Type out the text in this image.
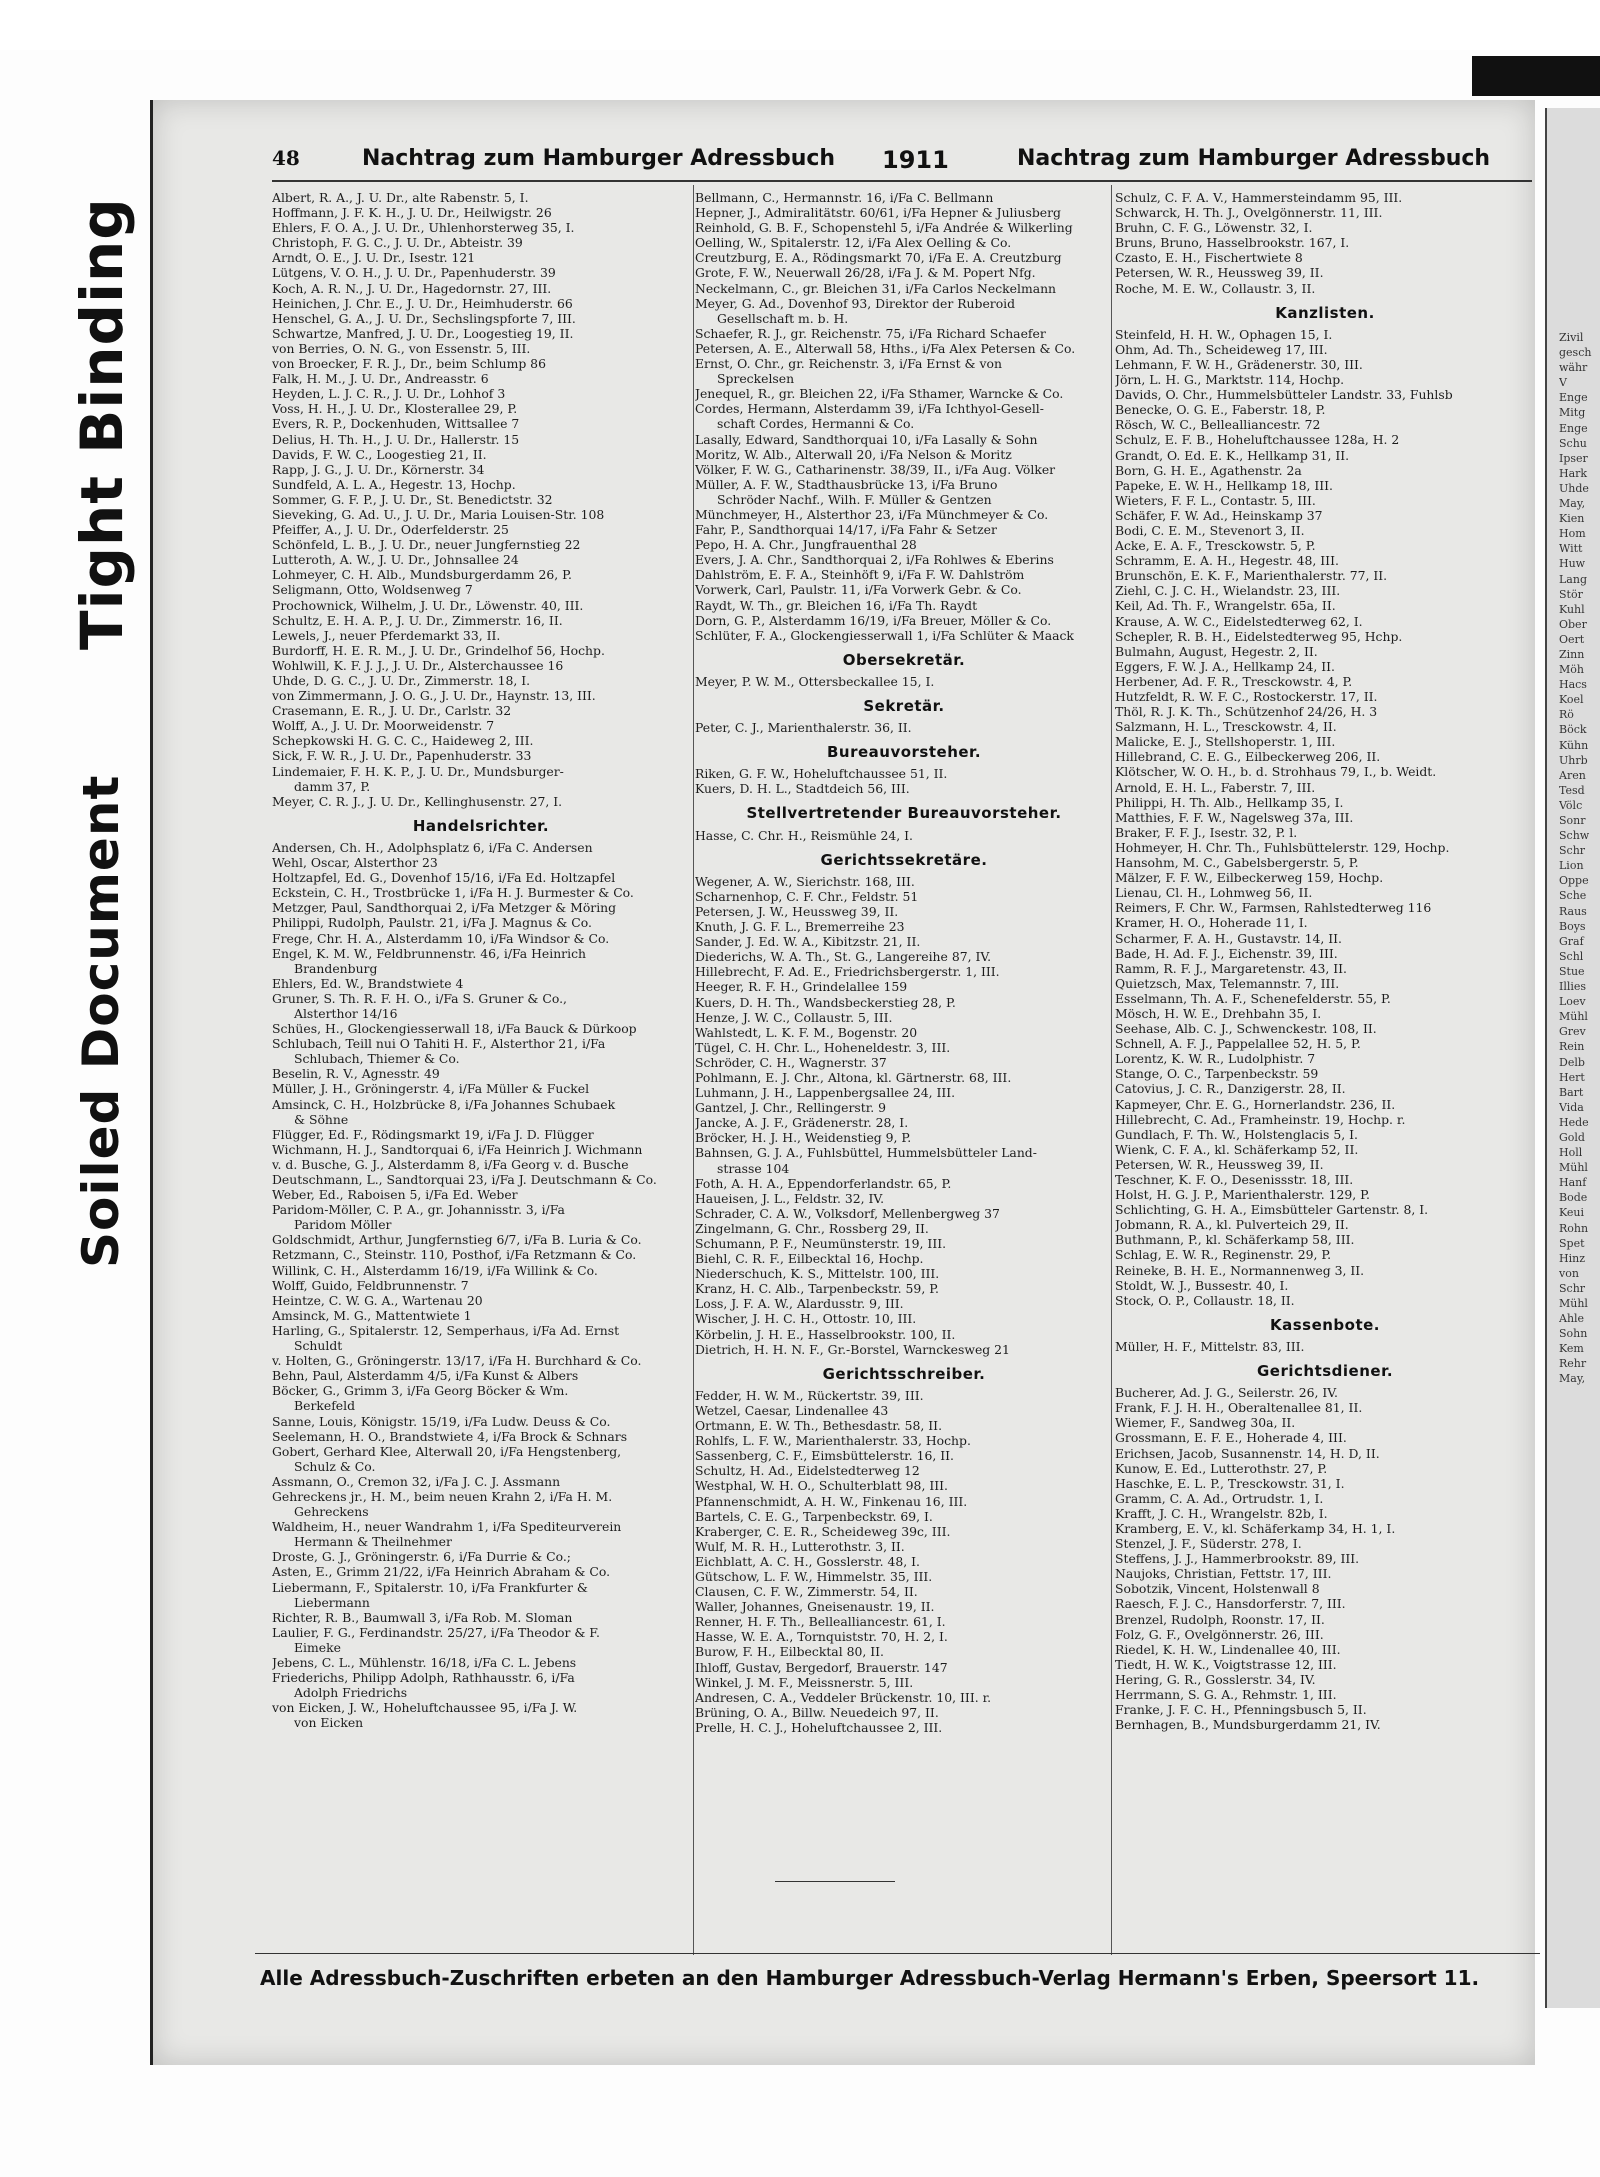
Tight Binding
Soiled Document
Zivil
gesch
währ
V
Enge
Mitg
Enge
Schu
Ipser
Hark
Uhde
May,
Kien
Hom
Witt
Huw
Lang
Stör
Kuhl
Ober
Oert
Zinn
Möh
Hacs
Koel
Rö
Böck
Kühn
Uhrb
Aren
Tesd
Völc
Sonr
Schw
Schr
Lion
Oppe
Sche
Raus
Boys
Graf
Schl
Stue
Illies
Loev
Mühl
Grev
Rein
Delb
Hert
Bart
Vida
Hede
Gold
Holl
Mühl
Hanf
Bode
Keui
Rohn
Spet
Hinz
von
Schr
Mühl
Ahle
Sohn
Kem
Rehr
May,
48	Nachtrag zum Hamburger Adressbuch 1911	Nachtrag zum Hamburger Adressbuch
Albert, R. A., J. U. Dr., alte Rabenstr. 5, I.
Hoffmann, J. F. K. H., J. U. Dr., Heilwigstr. 26
Ehlers, F. O. A., J. U. Dr., Uhlenhorsterweg 35, I.
Christoph, F. G. C., J. U. Dr., Abteistr. 39
Arndt, O. E., J. U. Dr., Isestr. 121
Lütgens, V. O. H., J. U. Dr., Papenhuderstr. 39
Koch, A. R. N., J. U. Dr., Hagedornstr. 27, III.
Heinichen, J. Chr. E., J. U. Dr., Heimhuderstr. 66
Henschel, G. A., J. U. Dr., Sechslingspforte 7, III.
Schwartze, Manfred, J. U. Dr., Loogestieg 19, II.
von Berries, O. N. G., von Essenstr. 5, III.
von Broecker, F. R. J., Dr., beim Schlump 86
Falk, H. M., J. U. Dr., Andreasstr. 6
Heyden, L. J. C. R., J. U. Dr., Lohhof 3
Voss, H. H., J. U. Dr., Klosterallee 29, P.
Evers, R. P., Dockenhuden, Wittsallee 7
Delius, H. Th. H., J. U. Dr., Hallerstr. 15
Davids, F. W. C., Loogestieg 21, II.
Rapp, J. G., J. U. Dr., Körnerstr. 34
Sundfeld, A. L. A., Hegestr. 13, Hochp.
Sommer, G. F. P., J. U. Dr., St. Benedictstr. 32
Sieveking, G. Ad. U., J. U. Dr., Maria Louisen-Str. 108
Pfeiffer, A., J. U. Dr., Oderfelderstr. 25
Schönfeld, L. B., J. U. Dr., neuer Jungfernstieg 22
Lutteroth, A. W., J. U. Dr., Johnsallee 24
Lohmeyer, C. H. Alb., Mundsburgerdamm 26, P.
Seligmann, Otto, Woldsenweg 7
Prochownick, Wilhelm, J. U. Dr., Löwenstr. 40, III.
Schultz, E. H. A. P., J. U. Dr., Zimmerstr. 16, II.
Lewels, J., neuer Pferdemarkt 33, II.
Burdorff, H. E. R. M., J. U. Dr., Grindelhof 56, Hochp.
Wohlwill, K. F. J. J., J. U. Dr., Alsterchaussee 16
Uhde, D. G. C., J. U. Dr., Zimmerstr. 18, I.
von Zimmermann, J. O. G., J. U. Dr., Haynstr. 13, III.
Crasemann, E. R., J. U. Dr., Carlstr. 32
Wolff, A., J. U. Dr. Moorweidenstr. 7
Schepkowski H. G. C. C., Haideweg 2, III.
Sick, F. W. R., J. U. Dr., Papenhuderstr. 33
Lindemaier, F. H. K. P., J. U. Dr., Mundsburger-
damm 37, P.
Meyer, C. R. J., J. U. Dr., Kellinghusenstr. 27, I.
Handelsrichter.
Andersen, Ch. H., Adolphsplatz 6, i/Fa C. Andersen
Wehl, Oscar, Alsterthor 23
Holtzapfel, Ed. G., Dovenhof 15/16, i/Fa Ed. Holtzapfel
Eckstein, C. H., Trostbrücke 1, i/Fa H. J. Burmester & Co.
Metzger, Paul, Sandthorquai 2, i/Fa Metzger & Möring
Philippi, Rudolph, Paulstr. 21, i/Fa J. Magnus & Co.
Frege, Chr. H. A., Alsterdamm 10, i/Fa Windsor & Co.
Engel, K. M. W., Feldbrunnenstr. 46, i/Fa Heinrich
Brandenburg
Ehlers, Ed. W., Brandstwiete 4
Gruner, S. Th. R. F. H. O., i/Fa S. Gruner & Co.,
Alsterthor 14/16
Schües, H., Glockengiesserwall 18, i/Fa Bauck & Dürkoop
Schlubach, Teill nui O Tahiti H. F., Alsterthor 21, i/Fa
Schlubach, Thiemer & Co.
Beselin, R. V., Agnesstr. 49
Müller, J. H., Gröningerstr. 4, i/Fa Müller & Fuckel
Amsinck, C. H., Holzbrücke 8, i/Fa Johannes Schubaek
& Söhne
Flügger, Ed. F., Rödingsmarkt 19, i/Fa J. D. Flügger
Wichmann, H. J., Sandtorquai 6, i/Fa Heinrich J. Wichmann
v. d. Busche, G. J., Alsterdamm 8, i/Fa Georg v. d. Busche
Deutschmann, L., Sandtorquai 23, i/Fa J. Deutschmann & Co.
Weber, Ed., Raboisen 5, i/Fa Ed. Weber
Paridom-Möller, C. P. A., gr. Johannisstr. 3, i/Fa
Paridom Möller
Goldschmidt, Arthur, Jungfernstieg 6/7, i/Fa B. Luria & Co.
Retzmann, C., Steinstr. 110, Posthof, i/Fa Retzmann & Co.
Willink, C. H., Alsterdamm 16/19, i/Fa Willink & Co.
Wolff, Guido, Feldbrunnenstr. 7
Heintze, C. W. G. A., Wartenau 20
Amsinck, M. G., Mattentwiete 1
Harling, G., Spitalerstr. 12, Semperhaus, i/Fa Ad. Ernst
Schuldt
v. Holten, G., Gröningerstr. 13/17, i/Fa H. Burchhard & Co.
Behn, Paul, Alsterdamm 4/5, i/Fa Kunst & Albers
Böcker, G., Grimm 3, i/Fa Georg Böcker & Wm.
Berkefeld
Sanne, Louis, Königstr. 15/19, i/Fa Ludw. Deuss & Co.
Seelemann, H. O., Brandstwiete 4, i/Fa Brock & Schnars
Gobert, Gerhard Klee, Alterwall 20, i/Fa Hengstenberg,
Schulz & Co.
Assmann, O., Cremon 32, i/Fa J. C. J. Assmann
Gehreckens jr., H. M., beim neuen Krahn 2, i/Fa H. M.
Gehreckens
Waldheim, H., neuer Wandrahm 1, i/Fa Spediteurverein
Hermann & Theilnehmer
Droste, G. J., Gröningerstr. 6, i/Fa Durrie & Co.;
Asten, E., Grimm 21/22, i/Fa Heinrich Abraham & Co.
Liebermann, F., Spitalerstr. 10, i/Fa Frankfurter &
Liebermann
Richter, R. B., Baumwall 3, i/Fa Rob. M. Sloman
Laulier, F. G., Ferdinandstr. 25/27, i/Fa Theodor & F.
Eimeke
Jebens, C. L., Mühlenstr. 16/18, i/Fa C. L. Jebens
Friederichs, Philipp Adolph, Rathhausstr. 6, i/Fa
Adolph Friedrichs
von Eicken, J. W., Hoheluftchaussee 95, i/Fa J. W.
von Eicken
Bellmann, C., Hermannstr. 16, i/Fa C. Bellmann
Hepner, J., Admiralitätstr. 60/61, i/Fa Hepner & Juliusberg
Reinhold, G. B. F., Schopenstehl 5, i/Fa Andrée & Wilkerling
Oelling, W., Spitalerstr. 12, i/Fa Alex Oelling & Co.
Creutzburg, E. A., Rödingsmarkt 70, i/Fa E. A. Creutzburg
Grote, F. W., Neuerwall 26/28, i/Fa J. & M. Popert Nfg.
Neckelmann, C., gr. Bleichen 31, i/Fa Carlos Neckelmann
Meyer, G. Ad., Dovenhof 93, Direktor der Ruberoid
Gesellschaft m. b. H.
Schaefer, R. J., gr. Reichenstr. 75, i/Fa Richard Schaefer
Petersen, A. E., Alterwall 58, Hths., i/Fa Alex Petersen & Co.
Ernst, O. Chr., gr. Reichenstr. 3, i/Fa Ernst & von
Spreckelsen
Jenequel, R., gr. Bleichen 22, i/Fa Sthamer, Warncke & Co.
Cordes, Hermann, Alsterdamm 39, i/Fa Ichthyol-Gesell-
schaft Cordes, Hermanni & Co.
Lasally, Edward, Sandthorquai 10, i/Fa Lasally & Sohn
Moritz, W. Alb., Alterwall 20, i/Fa Nelson & Moritz
Völker, F. W. G., Catharinenstr. 38/39, II., i/Fa Aug. Völker
Müller, A. F. W., Stadthausbrücke 13, i/Fa Bruno
Schröder Nachf., Wilh. F. Müller & Gentzen
Münchmeyer, H., Alsterthor 23, i/Fa Münchmeyer & Co.
Fahr, P., Sandthorquai 14/17, i/Fa Fahr & Setzer
Pepo, H. A. Chr., Jungfrauenthal 28
Evers, J. A. Chr., Sandthorquai 2, i/Fa Rohlwes & Eberins
Dahlström, E. F. A., Steinhöft 9, i/Fa F. W. Dahlström
Vorwerk, Carl, Paulstr. 11, i/Fa Vorwerk Gebr. & Co.
Raydt, W. Th., gr. Bleichen 16, i/Fa Th. Raydt
Dorn, G. P., Alsterdamm 16/19, i/Fa Breuer, Möller & Co.
Schlüter, F. A., Glockengiesserwall 1, i/Fa Schlüter & Maack
Obersekretär.
Meyer, P. W. M., Ottersbeckallee 15, I.
Sekretär.
Peter, C. J., Marienthalerstr. 36, II.
Bureauvorsteher.
Riken, G. F. W., Hoheluftchaussee 51, II.
Kuers, D. H. L., Stadtdeich 56, III.
Stellvertretender Bureauvorsteher.
Hasse, C. Chr. H., Reismühle 24, I.
Gerichtssekretäre.
Wegener, A. W., Sierichstr. 168, III.
Scharnenhop, C. F. Chr., Feldstr. 51
Petersen, J. W., Heussweg 39, II.
Knuth, J. G. F. L., Bremerreihe 23
Sander, J. Ed. W. A., Kibitzstr. 21, II.
Diederichs, W. A. Th., St. G., Langereihe 87, IV.
Hillebrecht, F. Ad. E., Friedrichsbergerstr. 1, III.
Heeger, R. F. H., Grindelallee 159
Kuers, D. H. Th., Wandsbeckerstieg 28, P.
Henze, J. W. C., Collaustr. 5, III.
Wahlstedt, L. K. F. M., Bogenstr. 20
Tügel, C. H. Chr. L., Hoheneldestr. 3, III.
Schröder, C. H., Wagnerstr. 37
Pohlmann, E. J. Chr., Altona, kl. Gärtnerstr. 68, III.
Luhmann, J. H., Lappenbergsallee 24, III.
Gantzel, J. Chr., Rellingerstr. 9
Jancke, A. J. F., Grädenerstr. 28, I.
Bröcker, H. J. H., Weidenstieg 9, P.
Bahnsen, G. J. A., Fuhlsbüttel, Hummelsbütteler Land-
strasse 104
Foth, A. H. A., Eppendorferlandstr. 65, P.
Haueisen, J. L., Feldstr. 32, IV.
Schrader, C. A. W., Volksdorf, Mellenbergweg 37
Zingelmann, G. Chr., Rossberg 29, II.
Schumann, P. F., Neumünsterstr. 19, III.
Biehl, C. R. F., Eilbecktal 16, Hochp.
Niederschuch, K. S., Mittelstr. 100, III.
Kranz, H. C. Alb., Tarpenbeckstr. 59, P.
Loss, J. F. A. W., Alardusstr. 9, III.
Wischer, J. H. C. H., Ottostr. 10, III.
Körbelin, J. H. E., Hasselbrookstr. 100, II.
Dietrich, H. H. N. F., Gr.-Borstel, Warnckesweg 21
Gerichtsschreiber.
Fedder, H. W. M., Rückertstr. 39, III.
Wetzel, Caesar, Lindenallee 43
Ortmann, E. W. Th., Bethesdastr. 58, II.
Rohlfs, L. F. W., Marienthalerstr. 33, Hochp.
Sassenberg, C. F., Eimsbüttelerstr. 16, II.
Schultz, H. Ad., Eidelstedterweg 12
Westphal, W. H. O., Schulterblatt 98, III.
Pfannenschmidt, A. H. W., Finkenau 16, III.
Bartels, C. E. G., Tarpenbeckstr. 69, I.
Kraberger, C. E. R., Scheideweg 39c, III.
Wulf, M. R. H., Lutterothstr. 3, II.
Eichblatt, A. C. H., Gosslerstr. 48, I.
Gütschow, L. F. W., Himmelstr. 35, III.
Clausen, C. F. W., Zimmerstr. 54, II.
Waller, Johannes, Gneisenaustr. 19, II.
Renner, H. F. Th., Bellealliancestr. 61, I.
Hasse, W. E. A., Tornquiststr. 70, H. 2, I.
Burow, F. H., Eilbecktal 80, II.
Ihloff, Gustav, Bergedorf, Brauerstr. 147
Winkel, J. M. F., Meissnerstr. 5, III.
Andresen, C. A., Veddeler Brückenstr. 10, III. r.
Brüning, O. A., Billw. Neuedeich 97, II.
Prelle, H. C. J., Hoheluftchaussee 2, III.
Schulz, C. F. A. V., Hammersteindamm 95, III.
Schwarck, H. Th. J., Ovelgönnerstr. 11, III.
Bruhn, C. F. G., Löwenstr. 32, I.
Bruns, Bruno, Hasselbrookstr. 167, I.
Czasto, E. H., Fischertwiete 8
Petersen, W. R., Heussweg 39, II.
Roche, M. E. W., Collaustr. 3, II.
Kanzlisten.
Steinfeld, H. H. W., Ophagen 15, I.
Ohm, Ad. Th., Scheideweg 17, III.
Lehmann, F. W. H., Grädenerstr. 30, III.
Jörn, L. H. G., Marktstr. 114, Hochp.
Davids, O. Chr., Hummelsbütteler Landstr. 33, Fuhlsb
Benecke, O. G. E., Faberstr. 18, P.
Rösch, W. C., Bellealliancestr. 72
Schulz, E. F. B., Hoheluftchaussee 128a, H. 2
Grandt, O. Ed. E. K., Hellkamp 31, II.
Born, G. H. E., Agathenstr. 2a
Papeke, E. W. H., Hellkamp 18, III.
Wieters, F. F. L., Contastr. 5, III.
Schäfer, F. W. Ad., Heinskamp 37
Bodi, C. E. M., Stevenort 3, II.
Acke, E. A. F., Tresckowstr. 5, P.
Schramm, E. A. H., Hegestr. 48, III.
Brunschön, E. K. F., Marienthalerstr. 77, II.
Ziehl, C. J. C. H., Wielandstr. 23, III.
Keil, Ad. Th. F., Wrangelstr. 65a, II.
Krause, A. W. C., Eidelstedterweg 62, I.
Schepler, R. B. H., Eidelstedterweg 95, Hchp.
Bulmahn, August, Hegestr. 2, II.
Eggers, F. W. J. A., Hellkamp 24, II.
Herbener, Ad. F. R., Tresckowstr. 4, P.
Hutzfeldt, R. W. F. C., Rostockerstr. 17, II.
Thöl, R. J. K. Th., Schützenhof 24/26, H. 3
Salzmann, H. L., Tresckowstr. 4, II.
Malicke, E. J., Stellshoperstr. 1, III.
Hillebrand, C. E. G., Eilbeckerweg 206, II.
Klötscher, W. O. H., b. d. Strohhaus 79, I., b. Weidt.
Arnold, E. H. L., Faberstr. 7, III.
Philippi, H. Th. Alb., Hellkamp 35, I.
Matthies, F. F. W., Nagelsweg 37a, III.
Braker, F. F. J., Isestr. 32, P. l.
Hohmeyer, H. Chr. Th., Fuhlsbüttelerstr. 129, Hochp.
Hansohm, M. C., Gabelsbergerstr. 5, P.
Mälzer, F. F. W., Eilbeckerweg 159, Hochp.
Lienau, Cl. H., Lohmweg 56, II.
Reimers, F. Chr. W., Farmsen, Rahlstedterweg 116
Kramer, H. O., Hoherade 11, I.
Scharmer, F. A. H., Gustavstr. 14, II.
Bade, H. Ad. F. J., Eichenstr. 39, III.
Ramm, R. F. J., Margaretenstr. 43, II.
Quietzsch, Max, Telemannstr. 7, III.
Esselmann, Th. A. F., Schenefelderstr. 55, P.
Mösch, H. W. E., Drehbahn 35, I.
Seehase, Alb. C. J., Schwenckestr. 108, II.
Schnell, A. F. J., Pappelallee 52, H. 5, P.
Lorentz, K. W. R., Ludolphistr. 7
Stange, O. C., Tarpenbeckstr. 59
Catovius, J. C. R., Danzigerstr. 28, II.
Kapmeyer, Chr. E. G., Hornerlandstr. 236, II.
Hillebrecht, C. Ad., Framheinstr. 19, Hochp. r.
Gundlach, F. Th. W., Holstenglacis 5, I.
Wienk, C. F. A., kl. Schäferkamp 52, II.
Petersen, W. R., Heussweg 39, II.
Teschner, K. F. O., Desenissstr. 18, III.
Holst, H. G. J. P., Marienthalerstr. 129, P.
Schlichting, G. H. A., Eimsbütteler Gartenstr. 8, I.
Jobmann, R. A., kl. Pulverteich 29, II.
Buthmann, P., kl. Schäferkamp 58, III.
Schlag, E. W. R., Reginenstr. 29, P.
Reineke, B. H. E., Normannenweg 3, II.
Stoldt, W. J., Bussestr. 40, I.
Stock, O. P., Collaustr. 18, II.
Kassenbote.
Müller, H. F., Mittelstr. 83, III.
Gerichtsdiener.
Bucherer, Ad. J. G., Seilerstr. 26, IV.
Frank, F. J. H. H., Oberaltenallee 81, II.
Wiemer, F., Sandweg 30a, II.
Grossmann, E. F. E., Hoherade 4, III.
Erichsen, Jacob, Susannenstr. 14, H. D, II.
Kunow, E. Ed., Lutterothstr. 27, P.
Haschke, E. L. P., Tresckowstr. 31, I.
Gramm, C. A. Ad., Ortrudstr. 1, I.
Krafft, J. C. H., Wrangelstr. 82b, I.
Kramberg, E. V., kl. Schäferkamp 34, H. 1, I.
Stenzel, J. F., Süderstr. 278, I.
Steffens, J. J., Hammerbrookstr. 89, III.
Naujoks, Christian, Fettstr. 17, III.
Sobotzik, Vincent, Holstenwall 8
Raesch, F. J. C., Hansdorferstr. 7, III.
Brenzel, Rudolph, Roonstr. 17, II.
Folz, G. F., Ovelgönnerstr. 26, III.
Riedel, K. H. W., Lindenallee 40, III.
Tiedt, H. W. K., Voigtstrasse 12, III.
Hering, G. R., Gosslerstr. 34, IV.
Herrmann, S. G. A., Rehmstr. 1, III.
Franke, J. F. C. H., Pfenningsbusch 5, II.
Bernhagen, B., Mundsburgerdamm 21, IV.
Alle Adressbuch-Zuschriften erbeten an den Hamburger Adressbuch-Verlag Hermann's Erben, Speersort 11.
